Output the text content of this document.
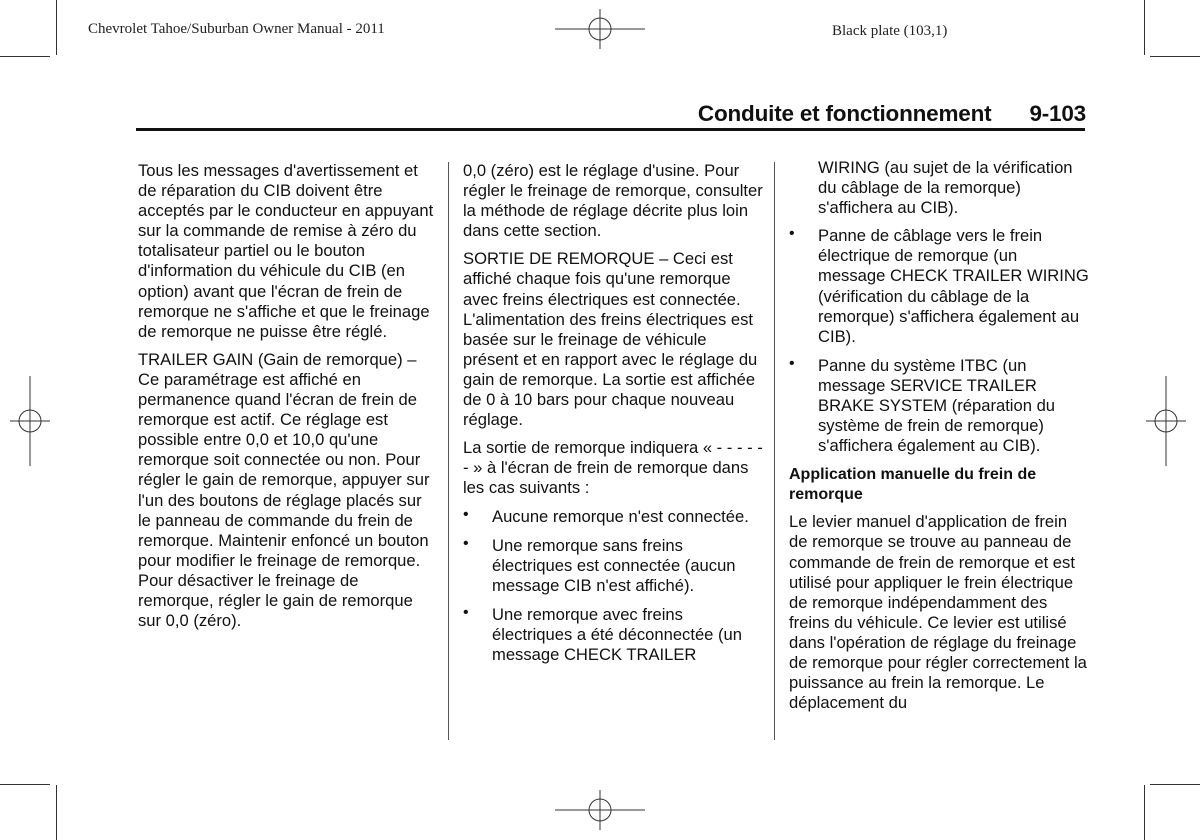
Chevrolet Tahoe/Suburban Owner Manual - 2011	Black plate (103,1)
Conduite et fonctionnement 9-103

Tous les messages d'avertissement et de réparation du CIB doivent être acceptés par le conducteur en appuyant sur la commande de remise à zéro du totalisateur partiel ou le bouton d'information du véhicule du CIB (en option) avant que l'écran de frein de remorque ne s'affiche et que le freinage de remorque ne puisse être réglé.

TRAILER GAIN (Gain de remorque) – Ce paramétrage est affiché en permanence quand l'écran de frein de remorque est actif. Ce réglage est possible entre 0,0 et 10,0 qu'une remorque soit connectée ou non. Pour régler le gain de remorque, appuyer sur l'un des boutons de réglage placés sur le panneau de commande du frein de remorque. Maintenir enfoncé un bouton pour modifier le freinage de remorque. Pour désactiver le freinage de remorque, régler le gain de remorque sur 0,0 (zéro).

0,0 (zéro) est le réglage d'usine. Pour régler le freinage de remorque, consulter la méthode de réglage décrite plus loin dans cette section.

SORTIE DE REMORQUE – Ceci est affiché chaque fois qu'une remorque avec freins électriques est connectée. L'alimentation des freins électriques est basée sur le freinage de véhicule présent et en rapport avec le réglage du gain de remorque. La sortie est affichée de 0 à 10 bars pour chaque nouveau réglage.

La sortie de remorque indiquera « - - - - - - » à l'écran de frein de remorque dans les cas suivants :

• Aucune remorque n'est connectée.
• Une remorque sans freins électriques est connectée (aucun message CIB n'est affiché).
• Une remorque avec freins électriques a été déconnectée (un message CHECK TRAILER
WIRING (au sujet de la vérification du câblage de la remorque) s'affichera au CIB).
• Panne de câblage vers le frein électrique de remorque (un message CHECK TRAILER WIRING (vérification du câblage de la remorque) s'affichera également au CIB).
• Panne du système ITBC (un message SERVICE TRAILER BRAKE SYSTEM (réparation du système de frein de remorque) s'affichera également au CIB).
Application manuelle du frein de remorque

Le levier manuel d'application de frein de remorque se trouve au panneau de commande de frein de remorque et est utilisé pour appliquer le frein électrique de remorque indépendamment des freins du véhicule. Ce levier est utilisé dans l'opération de réglage du freinage de remorque pour régler correctement la puissance au frein la remorque. Le déplacement du
